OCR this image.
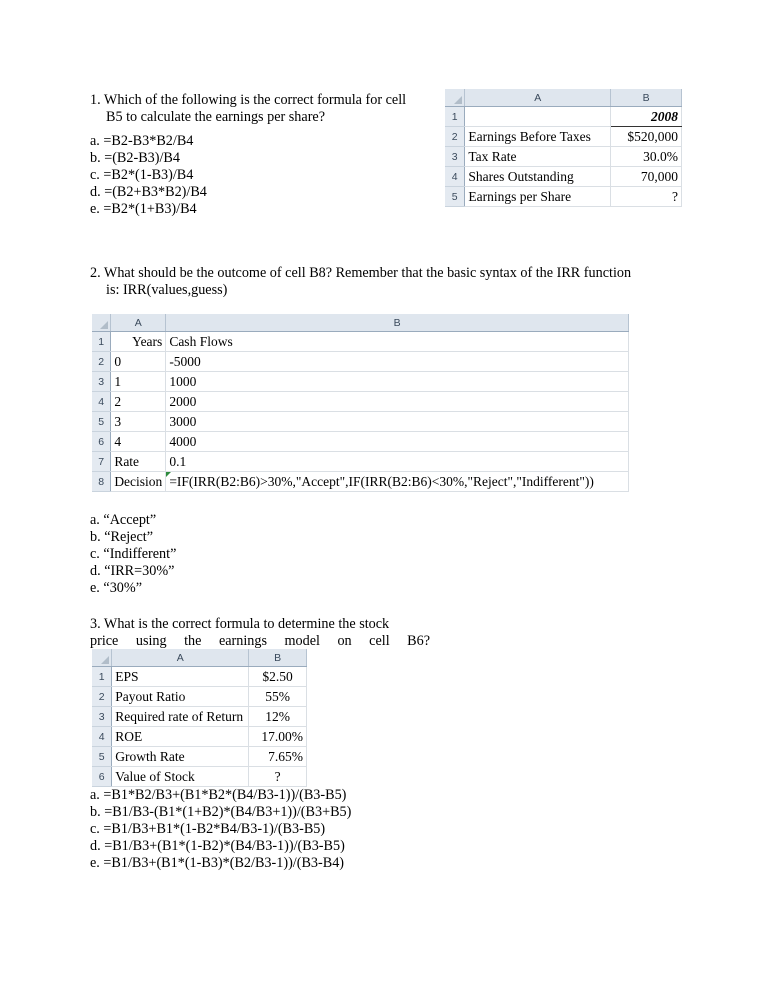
1. Which of the following is the correct formula for cell
B5 to calculate the earnings per share?
a. =B2-B3*B2/B4
b. =(B2-B3)/B4
c. =B2*(1-B3)/B4
d. =(B2+B3*B2)/B4
e. =B2*(1+B3)/B4
	A	B
1		2008
2	Earnings Before Taxes	$520,000
3	Tax Rate	30.0%
4	Shares Outstanding	70,000
5	Earnings per Share	?
2. What should be the outcome of cell B8? Remember that the basic syntax of the IRR function
is: IRR(values,guess)
	A	B
1	Years	Cash Flows
2	0	-5000
3	1	1000
4	2	2000
5	3	3000
6	4	4000
7	Rate	0.1
8	Decision	=IF(IRR(B2:B6)>30%,"Accept",IF(IRR(B2:B6)<30%,"Reject","Indifferent"))
a. “Accept”
b. “Reject”
c. “Indifferent”
d. “IRR=30%”
e. “30%”
3. What is the correct formula to determine the stock
price using the earnings model on cell B6?
	A	B
1	EPS	$2.50
2	Payout Ratio	55%
3	Required rate of Return	12%
4	ROE	17.00%
5	Growth Rate	7.65%
6	Value of Stock	?
a. =B1*B2/B3+(B1*B2*(B4/B3-1))/(B3-B5)
b. =B1/B3-(B1*(1+B2)*(B4/B3+1))/(B3+B5)
c. =B1/B3+B1*(1-B2*B4/B3-1)/(B3-B5)
d. =B1/B3+(B1*(1-B2)*(B4/B3-1))/(B3-B5)
e. =B1/B3+(B1*(1-B3)*(B2/B3-1))/(B3-B4)
